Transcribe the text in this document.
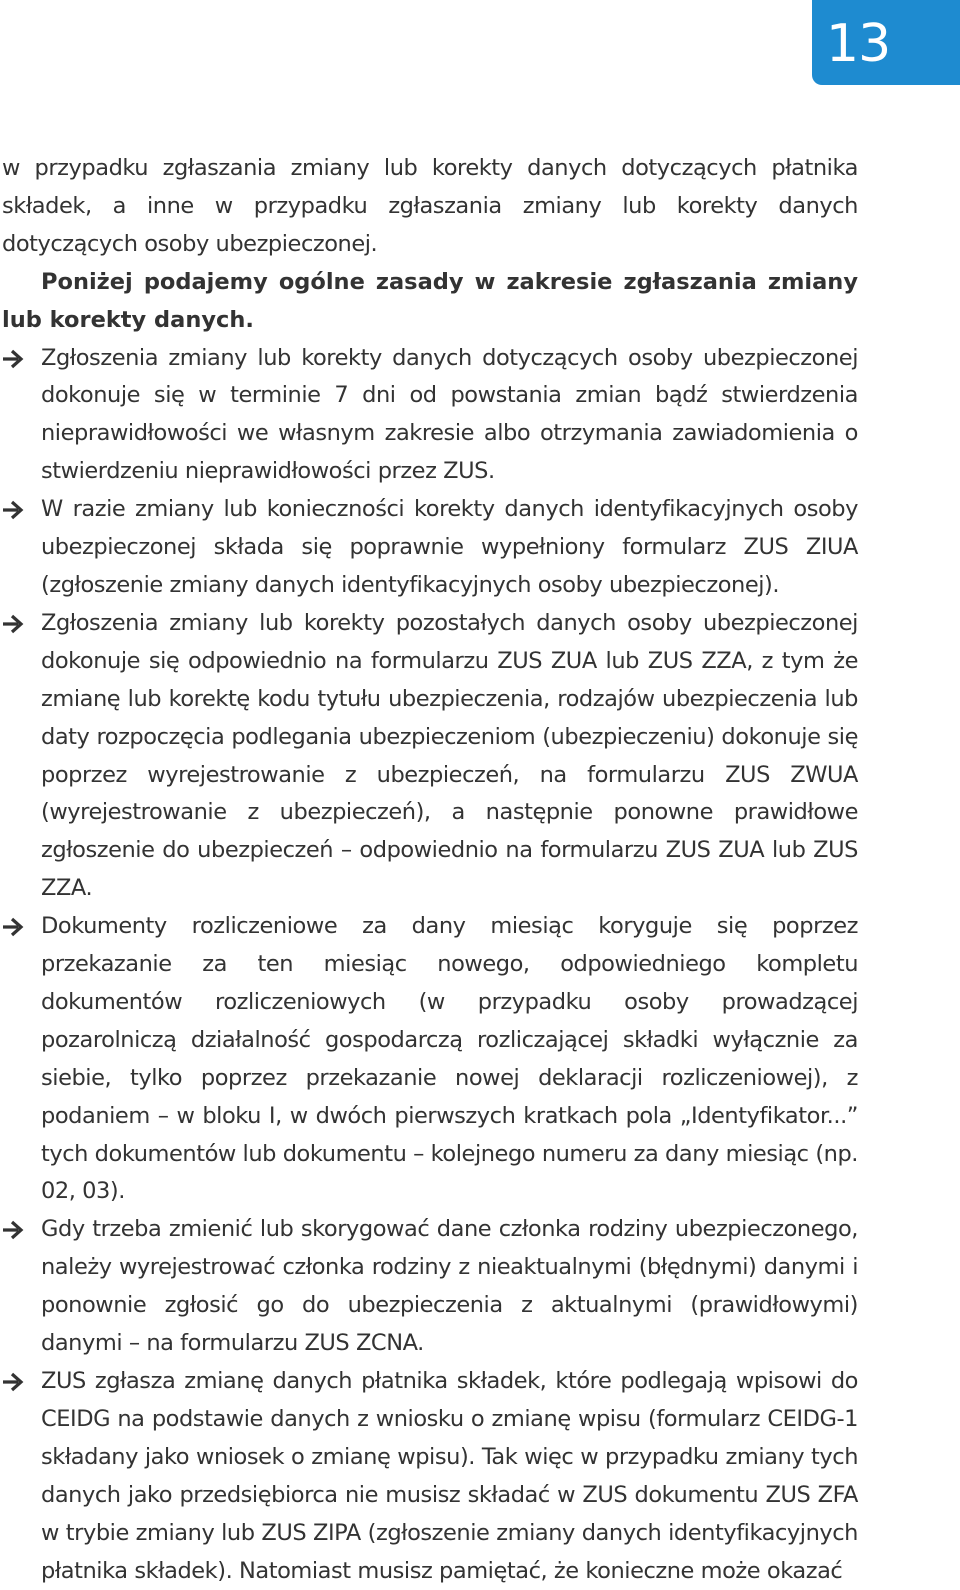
13

w przypadku zgłaszania zmiany lub korekty danych dotyczących płatnika składek, a inne w przypadku zgłaszania zmiany lub korekty danych dotyczących osoby ubezpieczonej.

Poniżej podajemy ogólne zasady w zakresie zgłaszania zmiany lub korekty danych.

Zgłoszenia zmiany lub korekty danych dotyczących osoby ubezpieczonej dokonuje się w terminie 7 dni od powstania zmian bądź stwierdzenia nieprawidłowości we własnym zakresie albo otrzymania zawiadomienia o stwierdzeniu nieprawidłowości przez ZUS.
W razie zmiany lub konieczności korekty danych identyfikacyjnych osoby ubezpieczonej składa się poprawnie wypełniony formularz ZUS ZIUA (zgłoszenie zmiany danych identyfikacyjnych osoby ubezpieczonej).
Zgłoszenia zmiany lub korekty pozostałych danych osoby ubezpieczonej dokonuje się odpowiednio na formularzu ZUS ZUA lub ZUS ZZA, z tym że zmianę lub korektę kodu tytułu ubezpieczenia, rodzajów ubezpieczenia lub daty rozpoczęcia podlegania ubezpieczeniom (ubezpieczeniu) dokonuje się poprzez wyrejestrowanie z ubezpieczeń, na formularzu ZUS ZWUA (wyrejestrowanie z ubezpieczeń), a następnie ponowne prawidłowe zgłoszenie do ubezpieczeń – odpowiednio na formularzu ZUS ZUA lub ZUS ZZA.
Dokumenty rozliczeniowe za dany miesiąc koryguje się poprzez przekazanie za ten miesiąc nowego, odpowiedniego kompletu dokumentów rozliczeniowych (w przypadku osoby prowadzącej pozarolniczą działalność gospodarczą rozliczającej składki wyłącznie za siebie, tylko poprzez przekazanie nowej deklaracji rozliczeniowej), z podaniem – w bloku I, w dwóch pierwszych kratkach pola „Identyfikator...” tych dokumentów lub dokumentu – kolejnego numeru za dany miesiąc (np. 02, 03).
Gdy trzeba zmienić lub skorygować dane członka rodziny ubezpieczonego, należy wyrejestrować członka rodziny z nieaktualnymi (błędnymi) danymi i ponownie zgłosić go do ubezpieczenia z aktualnymi (prawidłowymi) danymi – na formularzu ZUS ZCNA.
ZUS zgłasza zmianę danych płatnika składek, które podlegają wpisowi do CEIDG na podstawie danych z wniosku o zmianę wpisu (formularz CEIDG-1 składany jako wniosek o zmianę wpisu). Tak więc w przypadku zmiany tych danych jako przedsiębiorca nie musisz składać w ZUS dokumentu ZUS ZFA w trybie zmiany lub ZUS ZIPA (zgłoszenie zmiany danych identyfikacyjnych płatnika składek). Natomiast musisz pamiętać, że konieczne może okazać
